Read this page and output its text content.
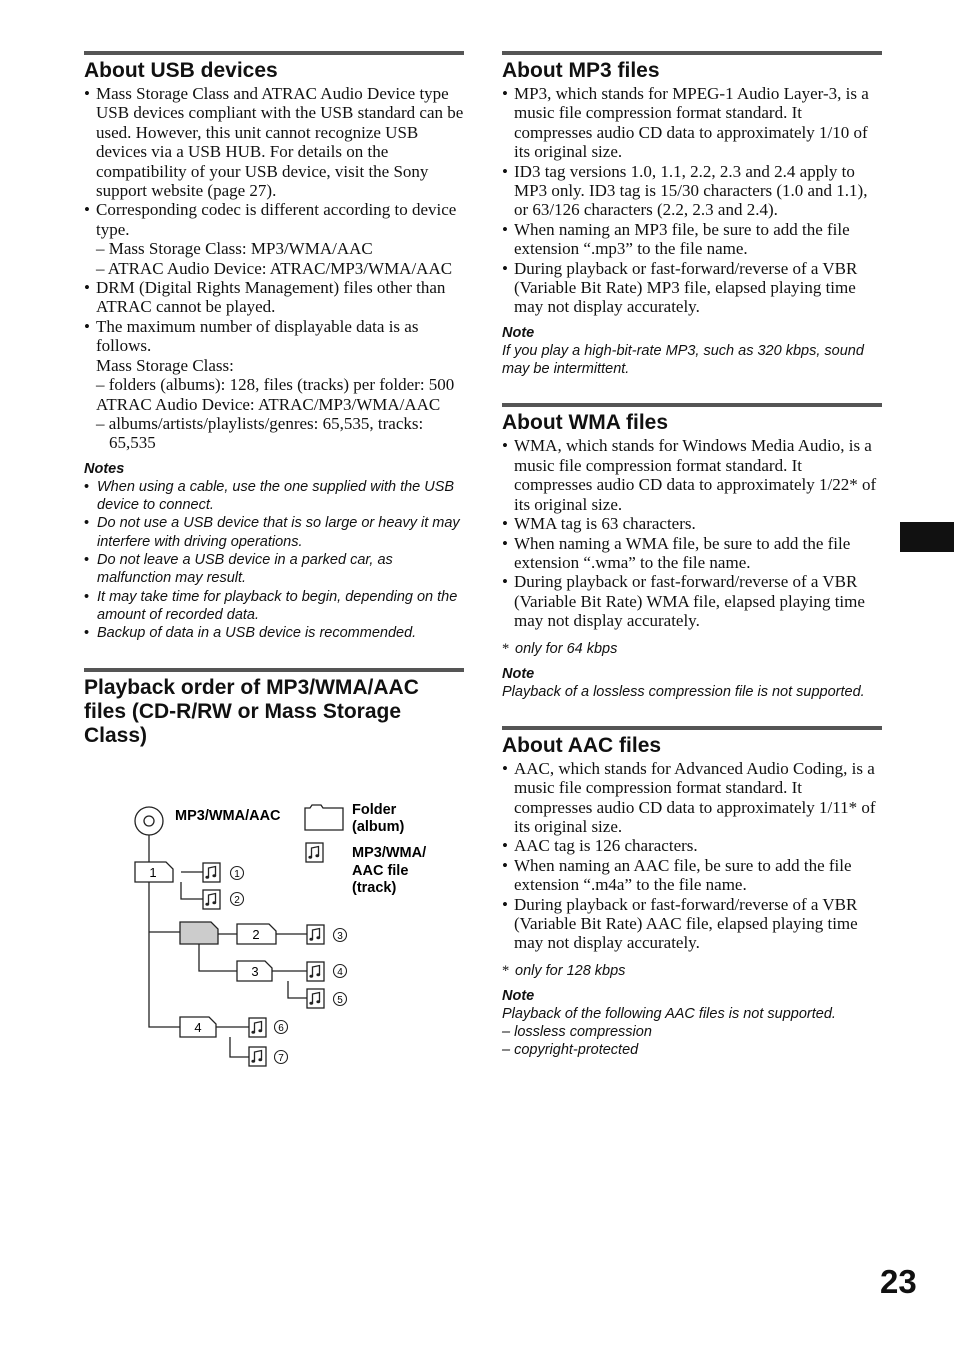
About USB devices
• Mass Storage Class and ATRAC Audio Device type USB devices compliant with the USB standard can be used. However, this unit cannot recognize USB devices via a USB HUB. For details on the compatibility of your USB device, visit the Sony support website (page 27).
• Corresponding codec is different according to device type.
– Mass Storage Class: MP3/WMA/AAC
– ATRAC Audio Device: ATRAC/MP3/WMA/AAC
• DRM (Digital Rights Management) files other than ATRAC cannot be played.
• The maximum number of displayable data is as follows.
Mass Storage Class:
– folders (albums): 128, files (tracks) per folder: 500
ATRAC Audio Device: ATRAC/MP3/WMA/AAC
– albums/artists/playlists/genres: 65,535, tracks: 65,535
Notes
• When using a cable, use the one supplied with the USB device to connect.
• Do not use a USB device that is so large or heavy it may interfere with driving operations.
• Do not leave a USB device in a parked car, as malfunction may result.
• It may take time for playback to begin, depending on the amount of recorded data.
• Backup of data in a USB device is recommended.
Playback order of MP3/WMA/AAC files (CD-R/RW or Mass Storage Class)
MP3/WMA/AAC	Folder
(album)
MP3/WMA/
AAC file
(track)
1
2
3
4
1
2
3
4
5
6
7
About MP3 files
• MP3, which stands for MPEG-1 Audio Layer-3, is a music file compression format standard. It compresses audio CD data to approximately 1/10 of its original size.
• ID3 tag versions 1.0, 1.1, 2.2, 2.3 and 2.4 apply to MP3 only. ID3 tag is 15/30 characters (1.0 and 1.1), or 63/126 characters (2.2, 2.3 and 2.4).
• When naming an MP3 file, be sure to add the file extension “.mp3” to the file name.
• During playback or fast-forward/reverse of a VBR (Variable Bit Rate) MP3 file, elapsed playing time may not display accurately.
Note
If you play a high-bit-rate MP3, such as 320 kbps, sound may be intermittent.
About WMA files
• WMA, which stands for Windows Media Audio, is a music file compression format standard. It compresses audio CD data to approximately 1/22* of its original size.
• WMA tag is 63 characters.
• When naming a WMA file, be sure to add the file extension “.wma” to the file name.
• During playback or fast-forward/reverse of a VBR (Variable Bit Rate) WMA file, elapsed playing time may not display accurately.
* only for 64 kbps
Note
Playback of a lossless compression file is not supported.
About AAC files
• AAC, which stands for Advanced Audio Coding, is a music file compression format standard. It compresses audio CD data to approximately 1/11* of its original size.
• AAC tag is 126 characters.
• When naming an AAC file, be sure to add the file extension “.m4a” to the file name.
• During playback or fast-forward/reverse of a VBR (Variable Bit Rate) AAC file, elapsed playing time may not display accurately.
* only for 128 kbps
Note
Playback of the following AAC files is not supported.
– lossless compression
– copyright-protected
23
